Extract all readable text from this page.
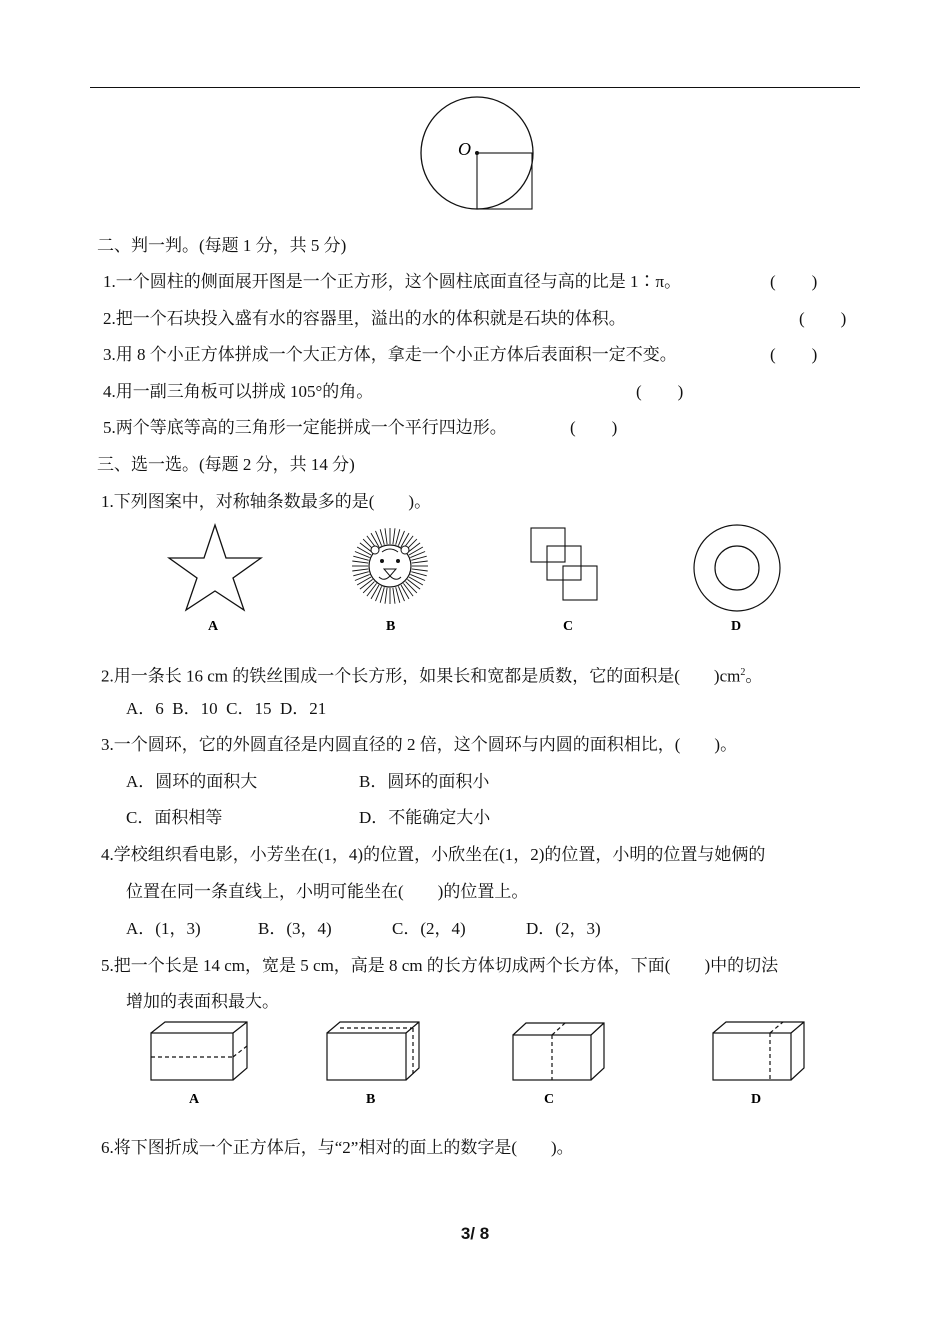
O
二、判一判。(每题 1 分，共 5 分)
1.一个圆柱的侧面展开图是一个正方形，这个圆柱底面直径与高的比是 1∶π。	( )
2.把一个石块投入盛有水的容器里，溢出的水的体积就是石块的体积。	( )
3.用 8 个小正方体拼成一个大正方体，拿走一个小正方体后表面积一定不变。	( )
4.用一副三角板可以拼成 105°的角。	( )
5.两个等底等高的三角形一定能拼成一个平行四边形。	( )
三、选一选。(每题 2 分，共 14 分)
1.下列图案中，对称轴条数最多的是(　　)。
A	B	C	D
2.用一条长 16 cm 的铁丝围成一个长方形，如果长和宽都是质数，它的面积是(　　)$cm^2$。
A．6  B．10  C．15  D．21
3.一个圆环，它的外圆直径是内圆直径的 2 倍，这个圆环与内圆的面积相比，(　　)。
A．圆环的面积大	B．圆环的面积小
C．面积相等	D．不能确定大小
4.学校组织看电影，小芳坐在(1，4)的位置，小欣坐在(1，2)的位置，小明的位置与她俩的
位置在同一条直线上，小明可能坐在(　　)的位置上。
A．(1，3)	B．(3，4)	C．(2，4)	D．(2，3)
5.把一个长是 14 cm，宽是 5 cm，高是 8 cm 的长方体切成两个长方体，下面(　　)中的切法
增加的表面积最大。
A	B	C	D
6.将下图折成一个正方体后，与“2”相对的面上的数字是(　　)。
3/ 8
